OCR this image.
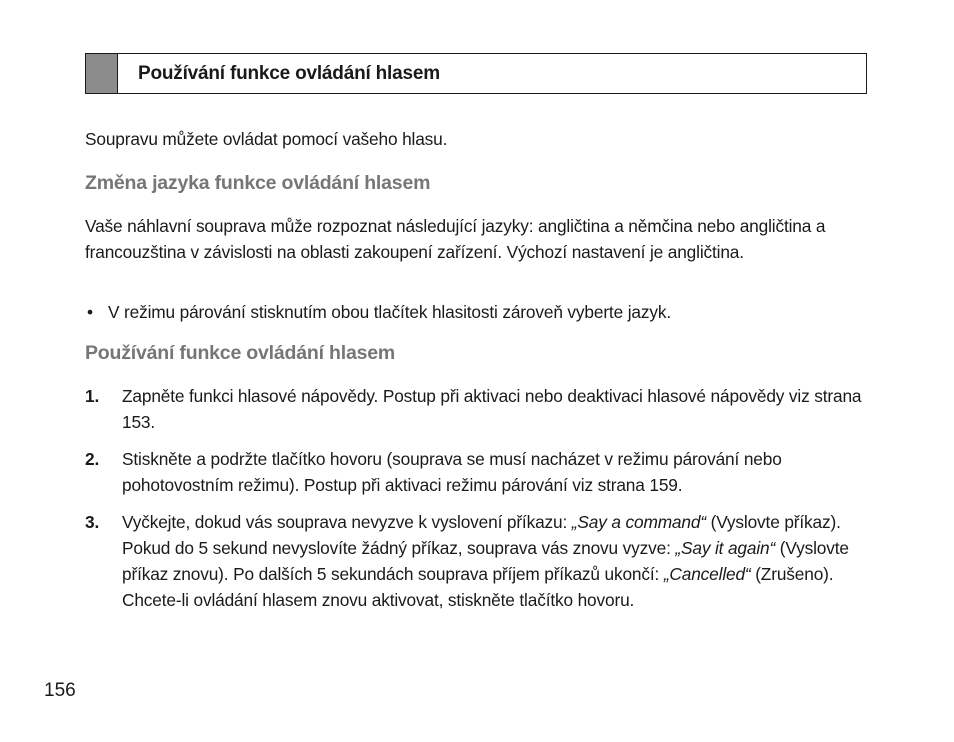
Používání funkce ovládání hlasem

Soupravu můžete ovládat pomocí vašeho hlasu.

Změna jazyka funkce ovládání hlasem

Vaše náhlavní souprava může rozpoznat následující jazyky: angličtina a němčina nebo angličtina a francouzština v závislosti na oblasti zakoupení zařízení. Výchozí nastavení je angličtina.

• V režimu párování stisknutím obou tlačítek hlasitosti zároveň vyberte jazyk.
Používání funkce ovládání hlasem
1.	Zapněte funkci hlasové nápovědy. Postup při aktivaci nebo deaktivaci hlasové nápovědy viz strana 153.
2.	Stiskněte a podržte tlačítko hovoru (souprava se musí nacházet v režimu párování nebo pohotovostním režimu). Postup při aktivaci režimu párování viz strana 159.
3.	Vyčkejte, dokud vás souprava nevyzve k vyslovení příkazu: „Say a command“ (Vyslovte příkaz).
Pokud do 5 sekund nevyslovíte žádný příkaz, souprava vás znovu vyzve: „Say it again“ (Vyslovte příkaz znovu). Po dalších 5 sekundách souprava příjem příkazů ukončí: „Cancelled“ (Zrušeno). Chcete-li ovládání hlasem znovu aktivovat, stiskněte tlačítko hovoru.
156
